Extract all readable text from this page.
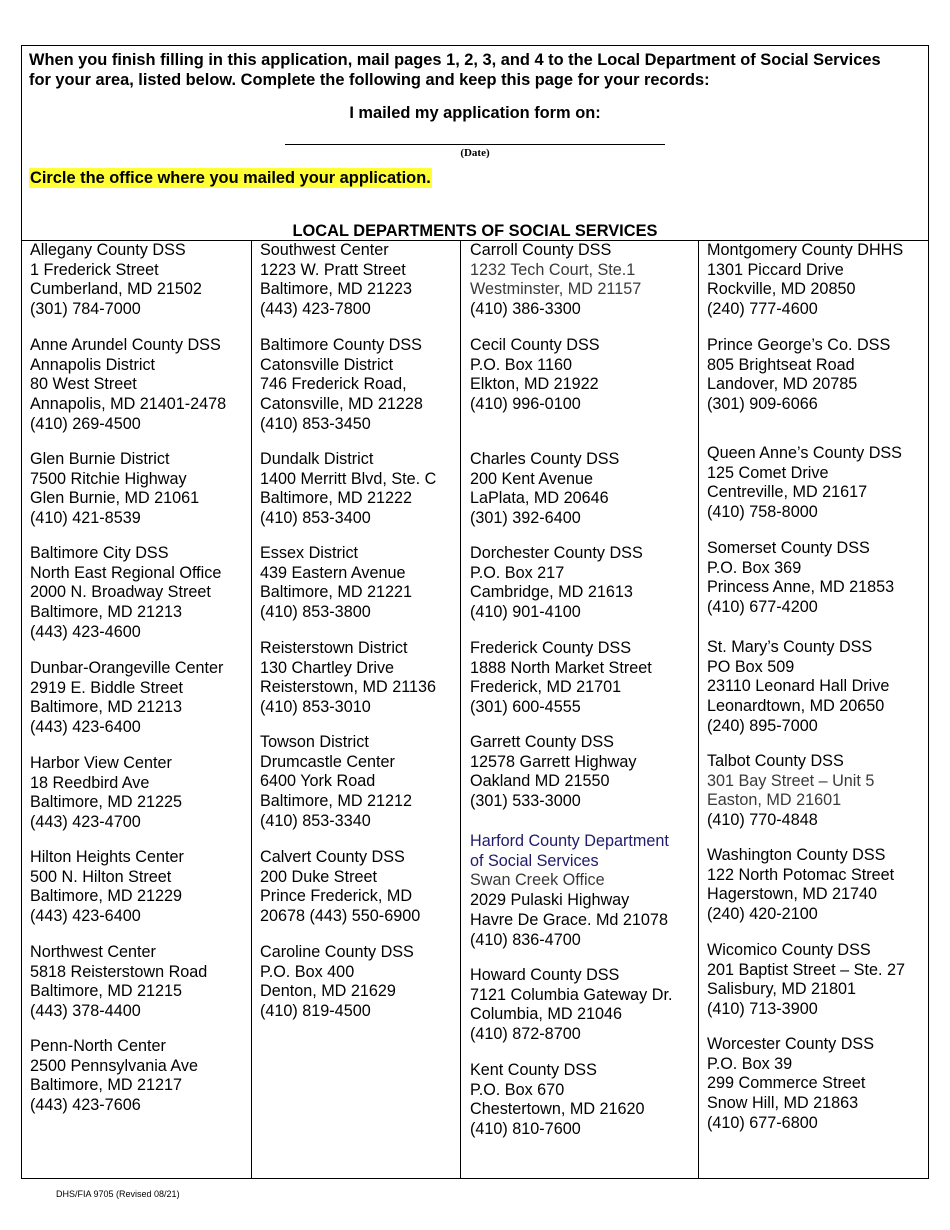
When you finish filling in this application, mail pages 1, 2, 3, and 4 to the Local Department of Social Services
for your area, listed below. Complete the following and keep this page for your records:
I mailed my application form on:
(Date)
Circle the office where you mailed your application.
LOCAL DEPARTMENTS OF SOCIAL SERVICES
Allegany County DSS
1 Frederick Street
Cumberland, MD 21502
(301) 784-7000
Anne Arundel County DSS
Annapolis District
80 West Street
Annapolis, MD 21401-2478
(410) 269-4500
Glen Burnie District
7500 Ritchie Highway
Glen Burnie, MD 21061
(410) 421-8539
Baltimore City DSS
North East Regional Office
2000 N. Broadway Street
Baltimore, MD 21213
(443) 423-4600
Dunbar-Orangeville Center
2919 E. Biddle Street
Baltimore, MD 21213
(443) 423-6400
Harbor View Center
18 Reedbird Ave
Baltimore, MD 21225
(443) 423-4700
Hilton Heights Center
500 N. Hilton Street
Baltimore, MD 21229
(443) 423-6400
Northwest Center
5818 Reisterstown Road
Baltimore, MD 21215
(443) 378-4400
Penn-North Center
2500 Pennsylvania Ave
Baltimore, MD 21217
(443) 423-7606
Southwest Center
1223 W. Pratt Street
Baltimore, MD 21223
(443) 423-7800
Baltimore County DSS
Catonsville District
746 Frederick Road,
Catonsville, MD 21228
(410) 853-3450
Dundalk District
1400 Merritt Blvd, Ste. C
Baltimore, MD 21222
(410) 853-3400
Essex District
439 Eastern Avenue
Baltimore, MD 21221
(410) 853-3800
Reisterstown District
130 Chartley Drive
Reisterstown, MD 21136
(410) 853-3010
Towson District
Drumcastle Center
6400 York Road
Baltimore, MD 21212
(410) 853-3340
Calvert County DSS
200 Duke Street
Prince Frederick, MD
20678 (443) 550-6900
Caroline County DSS
P.O. Box 400
Denton, MD 21629
(410) 819-4500
Carroll County DSS
1232 Tech Court, Ste.1
Westminster, MD 21157
(410) 386-3300
Cecil County DSS
P.O. Box 1160
Elkton, MD 21922
(410) 996-0100
Charles County DSS
200 Kent Avenue
LaPlata, MD 20646
(301) 392-6400
Dorchester County DSS
P.O. Box 217
Cambridge, MD 21613
(410) 901-4100
Frederick County DSS
1888 North Market Street
Frederick, MD 21701
(301) 600-4555
Garrett County DSS
12578 Garrett Highway
Oakland MD 21550
(301) 533-3000
Harford County Department
of Social Services
Swan Creek Office
2029 Pulaski Highway
Havre De Grace. Md 21078
(410) 836-4700
Howard County DSS
7121 Columbia Gateway Dr.
Columbia, MD 21046
(410) 872-8700
Kent County DSS
P.O. Box 670
Chestertown, MD 21620
(410) 810-7600
Montgomery County DHHS
1301 Piccard Drive
Rockville, MD 20850
(240) 777-4600
Prince George’s Co. DSS
805 Brightseat Road
Landover, MD 20785
(301) 909-6066
Queen Anne’s County DSS
125 Comet Drive
Centreville, MD 21617
(410) 758-8000
Somerset County DSS
P.O. Box 369
Princess Anne, MD 21853
(410) 677-4200
St. Mary’s County DSS
PO Box 509
23110 Leonard Hall Drive
Leonardtown, MD 20650
(240) 895-7000
Talbot County DSS
301 Bay Street – Unit 5
Easton, MD 21601
(410) 770-4848
Washington County DSS
122 North Potomac Street
Hagerstown, MD 21740
(240) 420-2100
Wicomico County DSS
201 Baptist Street – Ste. 27
Salisbury, MD 21801
(410) 713-3900
Worcester County DSS
P.O. Box 39
299 Commerce Street
Snow Hill, MD 21863
(410) 677-6800
DHS/FIA 9705 (Revised 08/21)
